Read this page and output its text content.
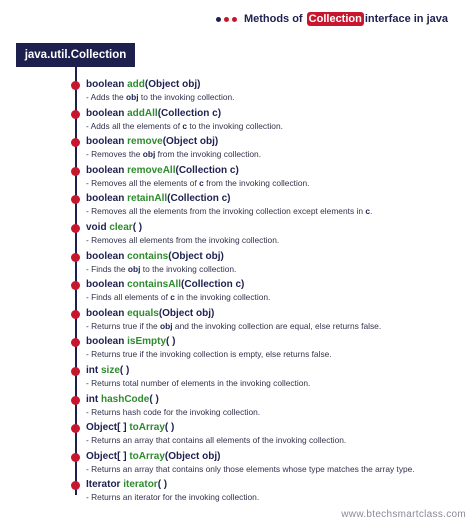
Methods of
Collection interface in java
java.util.Collection
boolean add(Object obj)
- Adds the obj to the invoking collection.
boolean addAll(Collection c)
- Adds all the elements of c to the invoking collection.
boolean remove(Object obj)
- Removes the obj from the invoking collection.
boolean removeAll(Collection c)
- Removes all the elements of c from the invoking collection.
boolean retainAll(Collection c)
- Removes all the elements from the invoking collection except elements in c.
void clear( )
- Removes all elements from the invoking collection.
boolean contains(Object obj)
- Finds the obj to the invoking collection.
boolean containsAll(Collection c)
- Finds all elements of c in the invoking collection.
boolean equals(Object obj)
- Returns true if the obj and the invoking collection are equal, else returns false.
boolean isEmpty( )
- Returns true if the invoking collection is empty, else returns false.
int size( )
- Returns total number of elements in the invoking collection.
int hashCode( )
- Returns hash code for the invoking collection.
Object[ ] toArray( )
- Returns an array that contains all elements of the invoking collection.
Object[ ] toArray(Object obj)
- Returns an array that contains only those elements whose type matches the array type.
Iterator iterator( )
- Returns an iterator for the invoking collection.
www.btechsmartclass.com
